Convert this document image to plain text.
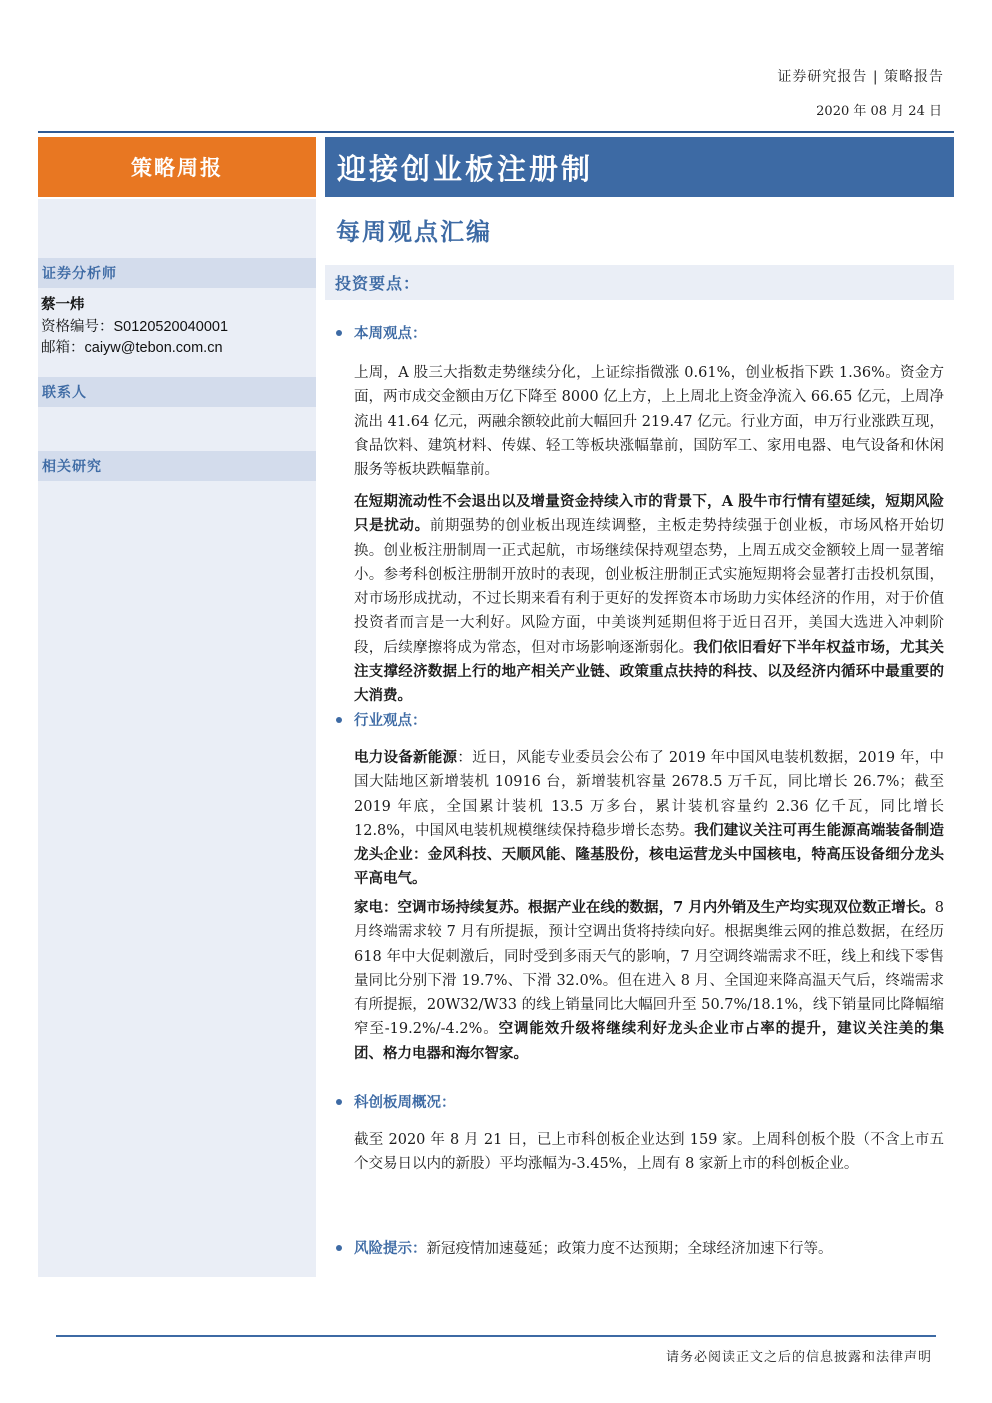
证券研究报告 | 策略报告
2020 年 08 月 24 日
策略周报	迎接创业板注册制
证券分析师
蔡一炜
资格编号：S0120520040001
邮箱：caiyw@tebon.com.cn
联系人
相关研究
每周观点汇编
投资要点：
本周观点：
上周，A 股三大指数走势继续分化，上证综指微涨 0.61%，创业板指下跌 1.36%。资金方面，两市成交金额由万亿下降至 8000 亿上方，上上周北上资金净流入 66.65 亿元，上周净流出 41.64 亿元，两融余额较此前大幅回升 219.47 亿元。行业方面，申万行业涨跌互现，食品饮料、建筑材料、传媒、轻工等板块涨幅靠前，国防军工、家用电器、电气设备和休闲服务等板块跌幅靠前。
在短期流动性不会退出以及增量资金持续入市的背景下，A 股牛市行情有望延续，短期风险只是扰动。前期强势的创业板出现连续调整，主板走势持续强于创业板，市场风格开始切换。创业板注册制周一正式起航，市场继续保持观望态势，上周五成交金额较上周一显著缩小。参考科创板注册制开放时的表现，创业板注册制正式实施短期将会显著打击投机氛围，对市场形成扰动，不过长期来看有利于更好的发挥资本市场助力实体经济的作用，对于价值投资者而言是一大利好。风险方面，中美谈判延期但将于近日召开，美国大选进入冲刺阶段，后续摩擦将成为常态，但对市场影响逐渐弱化。我们依旧看好下半年权益市场，尤其关注支撑经济数据上行的地产相关产业链、政策重点扶持的科技、以及经济内循环中最重要的大消费。
行业观点：
电力设备新能源：近日，风能专业委员会公布了 2019 年中国风电装机数据，2019 年，中国大陆地区新增装机 10916 台，新增装机容量 2678.5 万千瓦，同比增长 26.7%；截至 2019 年底，全国累计装机 13.5 万多台，累计装机容量约 2.36 亿千瓦，同比增长 12.8%，中国风电装机规模继续保持稳步增长态势。我们建议关注可再生能源高端装备制造龙头企业：金风科技、天顺风能、隆基股份，核电运营龙头中国核电，特高压设备细分龙头平高电气。
家电：空调市场持续复苏。根据产业在线的数据，7 月内外销及生产均实现双位数正增长。8 月终端需求较 7 月有所提振，预计空调出货将持续向好。根据奥维云网的推总数据，在经历 618 年中大促刺激后，同时受到多雨天气的影响，7 月空调终端需求不旺，线上和线下零售量同比分别下滑 19.7%、下滑 32.0%。但在进入 8 月、全国迎来降高温天气后，终端需求有所提振，20W32/W33 的线上销量同比大幅回升至 50.7%/18.1%，线下销量同比降幅缩窄至-19.2%/-4.2%。空调能效升级将继续利好龙头企业市占率的提升，建议关注美的集团、格力电器和海尔智家。
科创板周概况：
截至 2020 年 8 月 21 日，已上市科创板企业达到 159 家。上周科创板个股（不含上市五个交易日以内的新股）平均涨幅为-3.45%，上周有 8 家新上市的科创板企业。
风险提示： 新冠疫情加速蔓延；政策力度不达预期；全球经济加速下行等。
请务必阅读正文之后的信息披露和法律声明
